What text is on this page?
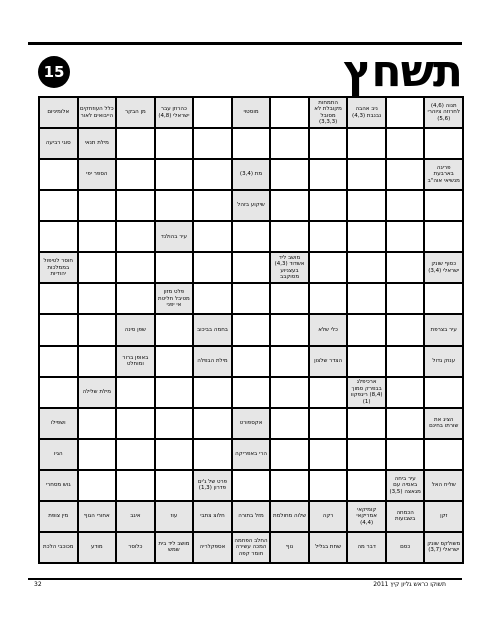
15	תשחץ
תנוה (4,6) לחרוזה ציוהרי (5,6)
ניב אהבה נבנבת (4,3)
התמחות מקובלת לא מסובל (3,3,3)
מוסטוי
כהרוזן עבר ישראלי (4,8)
מן הבקר
כלל העוזחקים הייבואים לאור
אלומיניום
מילת תנאי
סוגי רביעה
פריגה בארבעת מנשיאי אוה"ב
מת (3,4)
הספר יפי
שיקוע בזהל
עיר בהולנד
כסוף שונק ישראלי (3,4)
מושב ליד אשדוד (4,3) בעצניוע מסוקבב
חוסר לטיפול בממלכות יהודיות
פלט מזון מטיבל חליטת אי יפני
עיר בצרפת
כלי שלא
בחמה בביכוב
שפן סינה
ענוק גדול
הצדר שלצון
מילת הבפלה
באופן ברור ומוחלט
ארכיפלג בבפרק סמוך (8,4) ריגפקוו (1)
מילת שלילה
הציג את שורתו בחינם
אקספורט
ושפילו
הרי באפריקה
הגיו
שליח האל
עיר ביחה באסיה עם מגאצה (3,5)
פרט של ג'ים פדרון (1,3)
גוש מסחרי
זקן
הכמחה בשבועות
קומיקאי אמריקאי (4,4)
רקה
שלוה מחולמת
מזל בתורה
חלוצ צתבי
עוז
איגב
אחורי הגוף
מין צופת
משולקס שונק ישראלי (3,7)
כסם
דבר מה
שחת בגליל
נוף
החלב הפחמה המכה עשירה חומר קפה
אספקלריה
מושב ליד בית שמש
כלוסר
מודע
מכוכבי הלכת
32	תשוקו כראש גליון קיץ 2011
